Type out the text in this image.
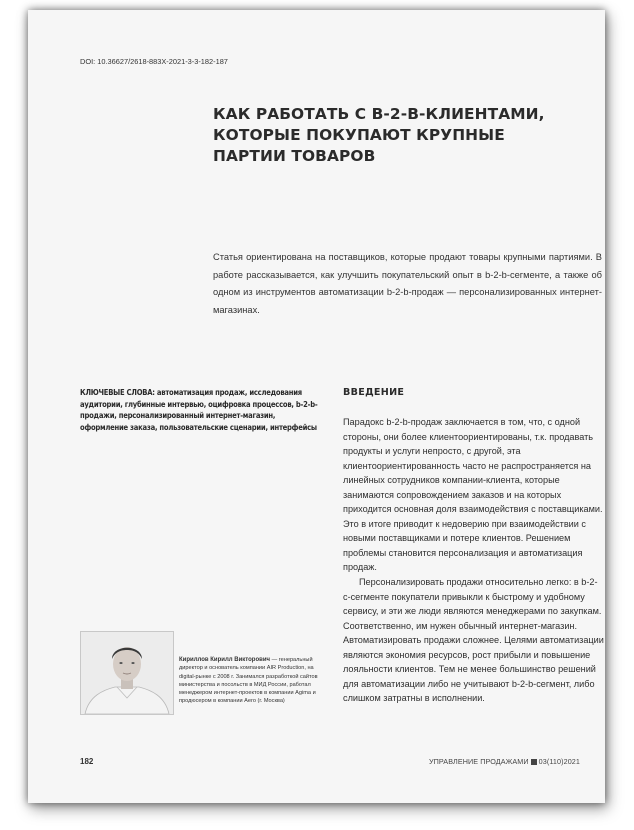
DOI: 10.36627/2618-883X-2021-3-3-182-187
КАК РАБОТАТЬ С B-2-B-КЛИЕНТАМИ, КОТОРЫЕ ПОКУПАЮТ КРУПНЫЕ ПАРТИИ ТОВАРОВ

Статья ориентирована на поставщиков, которые продают товары крупными партиями. В работе рассказывается, как улучшить покупательский опыт в b-2-b-сегменте, а также об одном из инструментов автоматизации b-2-b-продаж — персонализированных интернет-магазинах.

КЛЮЧЕВЫЕ СЛОВА: автоматизация продаж, исследования аудитории, глубинные интервью, оцифровка процессов, b-2-b-продажи, персонализированный интернет-магазин, оформление заказа, пользовательские сценарии, интерфейсы

ВВЕДЕНИЕ

Парадокс b-2-b-продаж заключается в том, что, с одной стороны, они более клиентоориентированы, т.к. продавать продукты и услуги непросто, с другой, эта клиентоориентированность часто не распространяется на линейных сотрудников компании-клиента, которые занимаются сопровождением заказов и на которых приходится основная доля взаимодействия с поставщиками. Это в итоге приводит к недоверию при взаимодействии с новыми поставщиками и потере клиентов. Решением проблемы становится персонализация и автоматизация продаж.

Персонализировать продажи относительно легко: в b-2-c-сегменте покупатели привыкли к быстрому и удобному сервису, и эти же люди являются менеджерами по закупкам. Соответственно, им нужен обычный интернет-магазин. Автоматизировать продажи сложнее. Целями автоматизации являются экономия ресурсов, рост прибыли и повышение лояльности клиентов. Тем не менее большинство решений для автоматизации либо не учитывают b-2-b-сегмент, либо слишком затратны в исполнении.

Кириллов Кирилл Викторович — генеральный директор и основатель компании AIR Production, на digital-рынке с 2008 г. Занимался разработкой сайтов министерства и посольств в МИД России, работал менеджером интернет-проектов в компании Agima и продюсером в компании Aero (г. Москва)

182	УПРАВЛЕНИЕ ПРОДАЖАМИ 03(110)2021
